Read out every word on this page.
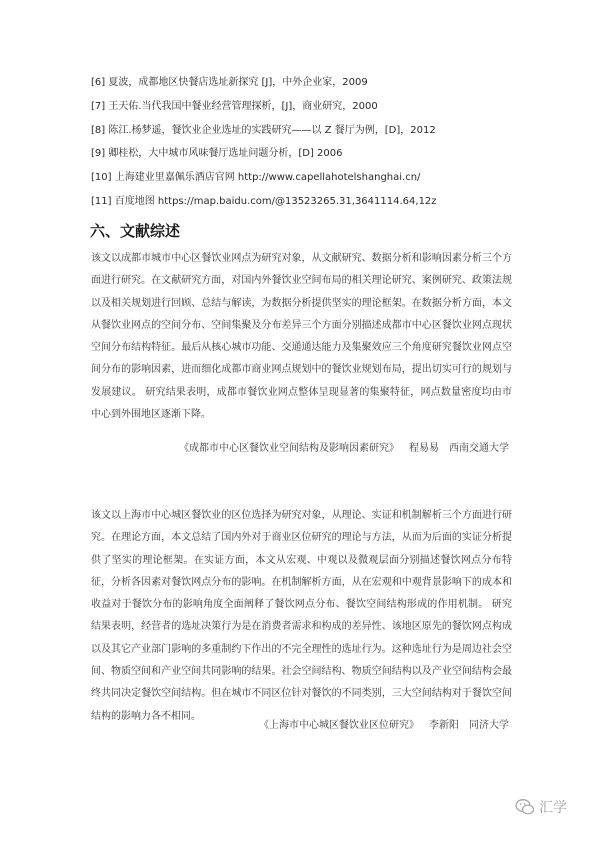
[6] 夏波，成都地区快餐店选址新探究 [J]，中外企业家，2009
[7] 王天佑.当代我国中餐业经营管理探析，[J]，商业研究，2000
[8] 陈江.杨梦遥，餐饮业企业选址的实践研究——以 Z 餐厅为例，[D]，2012
[9] 卿桂松，大中城市风味餐厅选址问题分析，[D] 2006
[10] 上海建业里嘉佩乐酒店官网 http://www.capellahotelshanghai.cn/
[11] 百度地图 https://map.baidu.com/@13523265.31,3641114.64,12z
六、文献综述

该文以成都市城市中心区餐饮业网点为研究对象，从文献研究、数据分析和影响因素分析三个方面进行研究。在文献研究方面，对国内外餐饮业空间布局的相关理论研究、案例研究、政策法规以及相关规划进行回顾、总结与解读，为数据分析提供坚实的理论框架。在数据分析方面，本文从餐饮业网点的空间分布、空间集聚及分布差异三个方面分别描述成都市中心区餐饮业网点现状空间分布结构特征。最后从核心城市功能、交通通达能力及集聚效应三个角度研究餐饮业网点空间分布的影响因素，进而细化成都市商业网点规划中的餐饮业规划布局，提出切实可行的规划与发展建议。 研究结果表明，成都市餐饮业网点整体呈现显著的集聚特征，网点数量密度均由市中心到外围地区逐渐下降。

《成都市中心区餐饮业空间结构及影响因素研究》 程易易 西南交通大学

该文以上海市中心城区餐饮业的区位选择为研究对象，从理论、实证和机制解析三个方面进行研究。在理论方面，本文总结了国内外对于商业区位研究的理论与方法，从而为后面的实证分析提供了坚实的理论框架。在实证方面，本文从宏观、中观以及微观层面分别描述餐饮网点分布特征，分析各因素对餐饮网点分布的影响。在机制解析方面，从在宏观和中观背景影响下的成本和收益对于餐饮分布的影响角度全面阐释了餐饮网点分布、餐饮空间结构形成的作用机制。 研究结果表明，经营者的选址决策行为是在消费者需求和构成的差异性、该地区原先的餐饮网点构成以及其它产业部门影响的多重制约下作出的不完全理性的选址行为。这种选址行为是周边社会空间、物质空间和产业空间共同影响的结果。社会空间结构、物质空间结构以及产业空间结构会最终共同决定餐饮空间结构。但在城市不同区位针对餐饮的不同类别，三大空间结构对于餐饮空间结构的影响力各不相同。

《上海市中心城区餐饮业区位研究》 李新阳 同济大学
汇学
